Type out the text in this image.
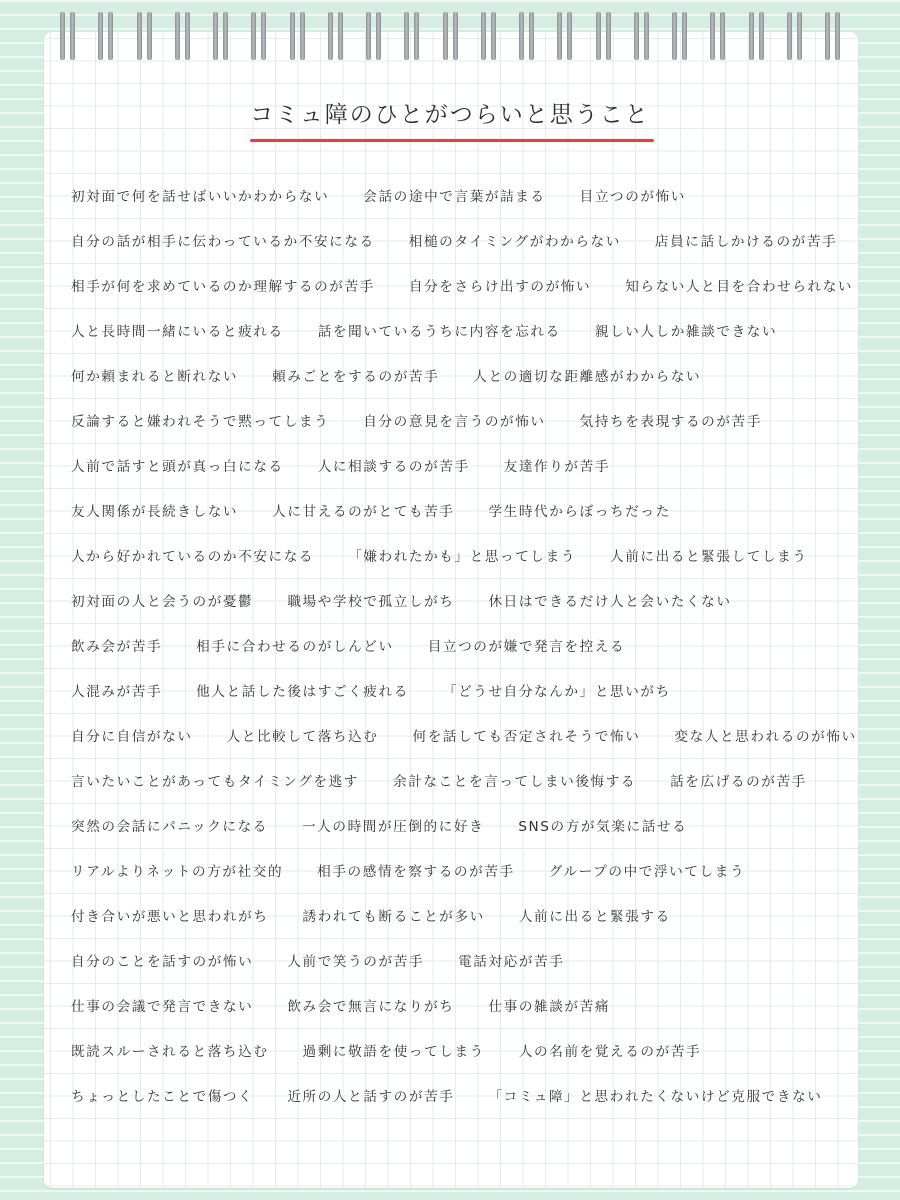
コミュ障のひとがつらいと思うこと
初対面で何を話せばいいかわからない	会話の途中で言葉が詰まる	目立つのが怖い
自分の話が相手に伝わっているか不安になる	相槌のタイミングがわからない	店員に話しかけるのが苦手
相手が何を求めているのか理解するのが苦手	自分をさらけ出すのが怖い	知らない人と目を合わせられない
人と長時間一緒にいると疲れる	話を聞いているうちに内容を忘れる	親しい人しか雑談できない
何か頼まれると断れない	頼みごとをするのが苦手	人との適切な距離感がわからない
反論すると嫌われそうで黙ってしまう	自分の意見を言うのが怖い	気持ちを表現するのが苦手
人前で話すと頭が真っ白になる	人に相談するのが苦手	友達作りが苦手
友人関係が長続きしない	人に甘えるのがとても苦手	学生時代からぼっちだった
人から好かれているのか不安になる	「嫌われたかも」と思ってしまう	人前に出ると緊張してしまう
初対面の人と会うのが憂鬱	職場や学校で孤立しがち	休日はできるだけ人と会いたくない
飲み会が苦手	相手に合わせるのがしんどい	目立つのが嫌で発言を控える
人混みが苦手	他人と話した後はすごく疲れる	「どうせ自分なんか」と思いがち
自分に自信がない	人と比較して落ち込む	何を話しても否定されそうで怖い	変な人と思われるのが怖い
言いたいことがあってもタイミングを逃す	余計なことを言ってしまい後悔する	話を広げるのが苦手
突然の会話にパニックになる	一人の時間が圧倒的に好き	SNSの方が気楽に話せる
リアルよりネットの方が社交的	相手の感情を察するのが苦手	グループの中で浮いてしまう
付き合いが悪いと思われがち	誘われても断ることが多い	人前に出ると緊張する
自分のことを話すのが怖い	人前で笑うのが苦手	電話対応が苦手
仕事の会議で発言できない	飲み会で無言になりがち	仕事の雑談が苦痛
既読スルーされると落ち込む	過剰に敬語を使ってしまう	人の名前を覚えるのが苦手
ちょっとしたことで傷つく	近所の人と話すのが苦手	「コミュ障」と思われたくないけど克服できない
